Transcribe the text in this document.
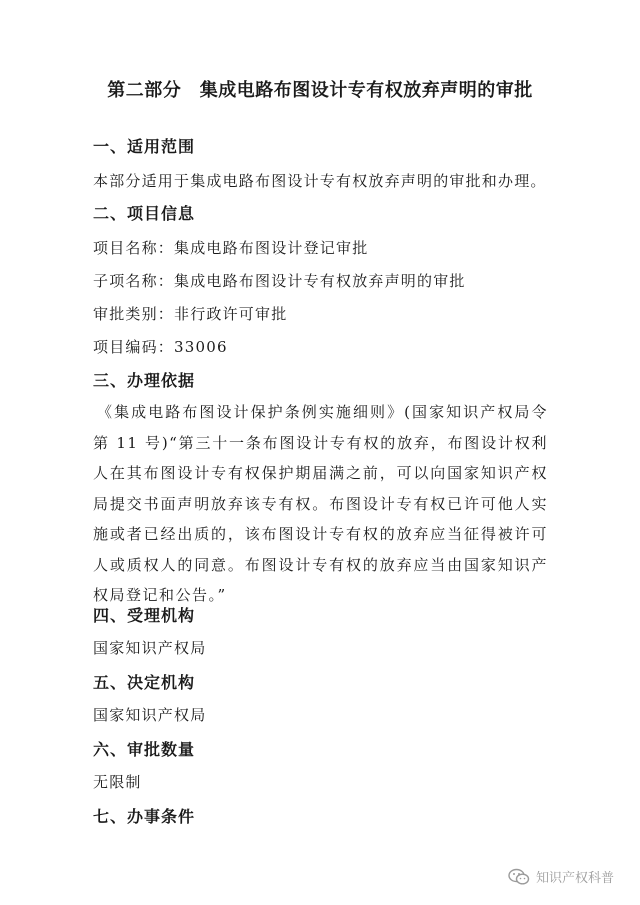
第二部分　集成电路布图设计专有权放弃声明的审批
一、适用范围
本部分适用于集成电路布图设计专有权放弃声明的审批和办理。
二、项目信息
项目名称：集成电路布图设计登记审批
子项名称：集成电路布图设计专有权放弃声明的审批
审批类别：非行政许可审批
项目编码：33006
三、办理依据
《集成电路布图设计保护条例实施细则》(国家知识产权局令第 11 号)“第三十一条布图设计专有权的放弃，布图设计权利人在其布图设计专有权保护期届满之前，可以向国家知识产权局提交书面声明放弃该专有权。布图设计专有权已许可他人实施或者已经出质的，该布图设计专有权的放弃应当征得被许可人或质权人的同意。布图设计专有权的放弃应当由国家知识产权局登记和公告。”
四、受理机构
国家知识产权局
五、决定机构
国家知识产权局
六、审批数量
无限制
七、办事条件
知识产权科普
